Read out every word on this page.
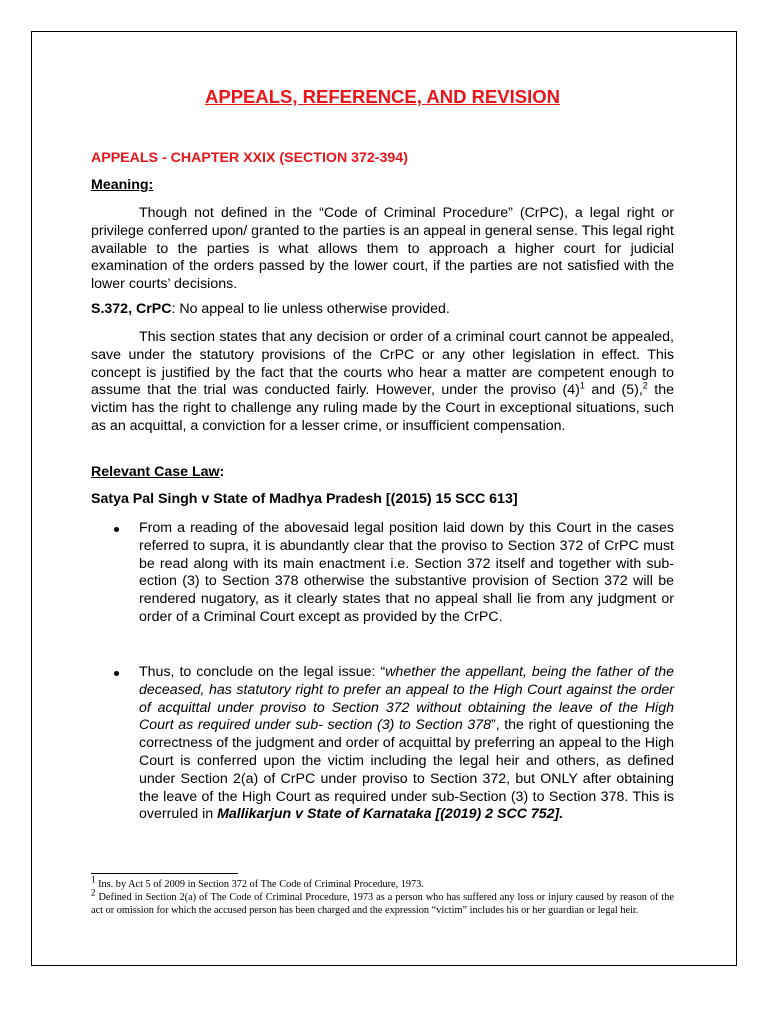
APPEALS, REFERENCE, AND REVISION
APPEALS - CHAPTER XXIX (SECTION 372-394)
Meaning:
Though not defined in the “Code of Criminal Procedure” (CrPC), a legal right or privilege conferred upon/ granted to the parties is an appeal in general sense. This legal right available to the parties is what allows them to approach a higher court for judicial examination of the orders passed by the lower court, if the parties are not satisfied with the lower courts’ decisions.
S.372, CrPC: No appeal to lie unless otherwise provided.
This section states that any decision or order of a criminal court cannot be appealed, save under the statutory provisions of the CrPC or any other legislation in effect. This concept is justified by the fact that the courts who hear a matter are competent enough to assume that the trial was conducted fairly. However, under the proviso $(4)^1$ and (5),$^2$ the victim has the right to challenge any ruling made by the Court in exceptional situations, such as an acquittal, a conviction for a lesser crime, or insufficient compensation.
Relevant Case Law:
Satya Pal Singh v State of Madhya Pradesh [(2015) 15 SCC 613]
From a reading of the abovesaid legal position laid down by this Court in the cases referred to supra, it is abundantly clear that the proviso to Section 372 of CrPC must be read along with its main enactment i.e. Section 372 itself and together with sub-ection (3) to Section 378 otherwise the substantive provision of Section 372 will be rendered nugatory, as it clearly states that no appeal shall lie from any judgment or order of a Criminal Court except as provided by the CrPC.
Thus, to conclude on the legal issue: “whether the appellant, being the father of the deceased, has statutory right to prefer an appeal to the High Court against the order of acquittal under proviso to Section 372 without obtaining the leave of the High Court as required under sub- section (3) to Section 378”, the right of questioning the correctness of the judgment and order of acquittal by preferring an appeal to the High Court is conferred upon the victim including the legal heir and others, as defined under Section 2(a) of CrPC under proviso to Section 372, but ONLY after obtaining the leave of the High Court as required under sub-Section (3) to Section 378. This is overruled in Mallikarjun v State of Karnataka [(2019) 2 SCC 752].

$^1$ Ins. by Act 5 of 2009 in Section 372 of The Code of Criminal Procedure, 1973.

$^2$ Defined in Section 2(a) of The Code of Criminal Procedure, 1973 as a person who has suffered any loss or injury caused by reason of the act or omission for which the accused person has been charged and the expression “victim” includes his or her guardian or legal heir.
